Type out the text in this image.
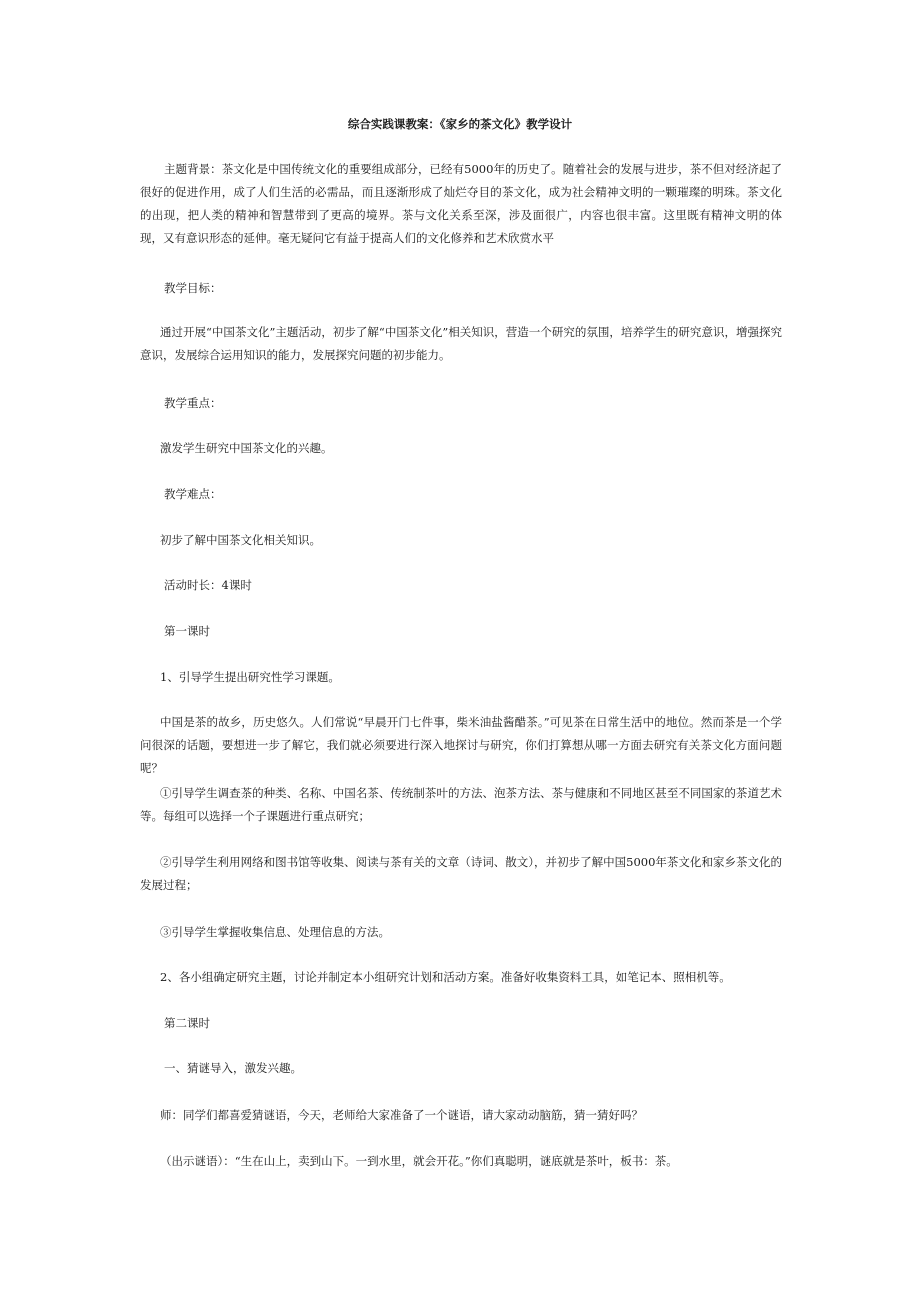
综合实践课教案：《家乡的茶文化》教学设计

主题背景：茶文化是中国传统文化的重要组成部分，已经有5000年的历史了。随着社会的发展与进步，茶不但对经济起了很好的促进作用，成了人们生活的必需品，而且逐渐形成了灿烂夺目的茶文化，成为社会精神文明的一颗璀璨的明珠。茶文化的出现，把人类的精神和智慧带到了更高的境界。茶与文化关系至深，涉及面很广，内容也很丰富。这里既有精神文明的体现，又有意识形态的延伸。毫无疑问它有益于提高人们的文化修养和艺术欣赏水平

教学目标：

通过开展“中国茶文化”主题活动，初步了解“中国茶文化”相关知识，营造一个研究的氛围，培养学生的研究意识，增强探究意识，发展综合运用知识的能力，发展探究问题的初步能力。

教学重点：

激发学生研究中国茶文化的兴趣。

教学难点：

初步了解中国茶文化相关知识。

活动时长：4课时

第一课时

1、引导学生提出研究性学习课题。

中国是茶的故乡，历史悠久。人们常说“早晨开门七件事，柴米油盐酱醋茶。”可见茶在日常生活中的地位。然而茶是一个学问很深的话题，要想进一步了解它，我们就必须要进行深入地探讨与研究，你们打算想从哪一方面去研究有关茶文化方面问题呢？

①引导学生调查茶的种类、名称、中国名茶、传统制茶叶的方法、泡茶方法、茶与健康和不同地区甚至不同国家的茶道艺术等。每组可以选择一个子课题进行重点研究；

②引导学生利用网络和图书馆等收集、阅读与茶有关的文章（诗词、散文），并初步了解中国5000年茶文化和家乡茶文化的发展过程；

③引导学生掌握收集信息、处理信息的方法。

2、各小组确定研究主题，讨论并制定本小组研究计划和活动方案。准备好收集资料工具，如笔记本、照相机等。

第二课时

一、猜谜导入，激发兴趣。

师：同学们都喜爱猜谜语，今天，老师给大家准备了一个谜语，请大家动动脑筋，猜一猜好吗？

（出示谜语）：“生在山上，卖到山下。一到水里，就会开花。”你们真聪明，谜底就是茶叶，板书：茶。
